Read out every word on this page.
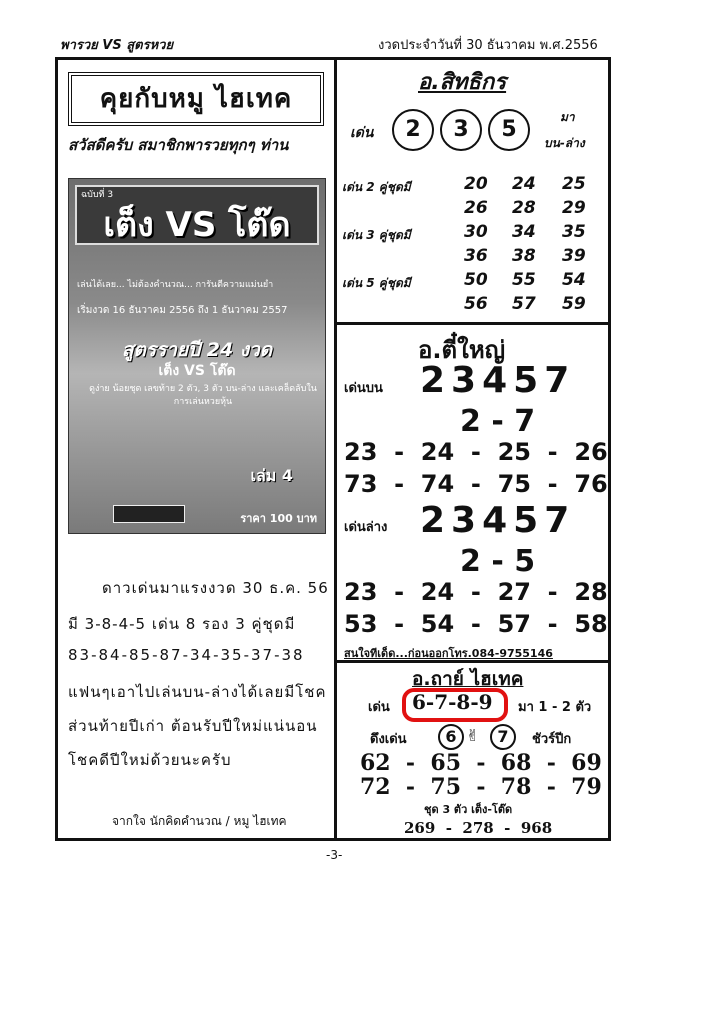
พารวย VS สูตรหวย	งวดประจำวันที่ 30 ธันวาคม พ.ศ.2556
คุยกับหมู ไฮเทค
สวัสดีครับ สมาชิกพารวยทุกๆ ท่าน
เต็ง VS โต๊ด
ฉบับที่ 3
เล่นได้เลย... ไม่ต้องคำนวณ... การันตีความแม่นยำ
เริ่มงวด 16 ธันวาคม 2556 ถึง 1 ธันวาคม 2557
สูตรรายปี 24 งวด
เต็ง VS โต๊ด
ดูง่าย น้อยชุด เลขท้าย 2 ตัว, 3 ตัว บน-ล่าง และเคล็ดลับในการเล่นหวยหุ้น
เล่ม 4
ราคา 100 บาท
ดาวเด่นมาแรงงวด 30 ธ.ค. 56
มี 3-8-4-5 เด่น 8 รอง 3 คู่ชุดมี
83-84-85-87-34-35-37-38
แฟนๆเอาไปเล่นบน-ล่างได้เลยมีโชค
ส่วนท้ายปีเก่า ต้อนรับปีใหม่แน่นอน
โชคดีปีใหม่ด้วยนะครับ
จากใจ นักคิดคำนวณ / หมู ไฮเทค
อ.สิทธิกร
เด่น	2	3	5	มา
บน-ล่าง
เด่น 2 คู่ชุดมี	20 24 25
26 28 29
เด่น 3 คู่ชุดมี	30 34 35
36 38 39
เด่น 5 คู่ชุดมี	50 55 54
56 57 59
อ.ตี๋ใหญ่
เด่นบน 23457
2 - 7
23  -  24  -  25  -  26
73  -  74  -  75  -  76
เด่นล่าง 23457
2 - 5
23  -  24  -  27  -  28
53  -  54  -  57  -  58
สนใจทีเด็ด...ก่อนออกโทร.084-9755146
อ.ถาย์ ไฮเทค
เด่น 6-7-8-9 มา 1 - 2 ตัว
ดึงเด่น	6 ✌	7	ชัวร์ปีก
62  -  65  -  68  -  69
72  -  75  -  78  -  79
ชุด 3 ตัว เต็ง-โต๊ด
269  -  278  -  968
-3-
